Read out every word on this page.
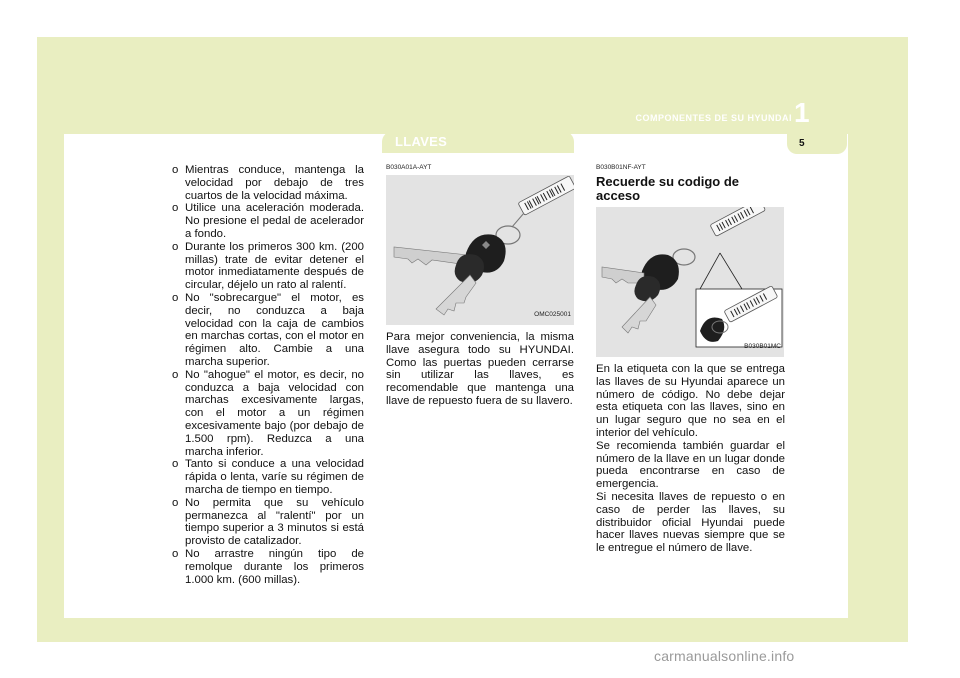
COMPONENTES DE SU HYUNDAI 1
5
LLAVES
o Mientras conduce, mantenga la velocidad por debajo de tres cuartos de la velocidad máxima.
o Utilice una aceleración moderada. No presione el pedal de acelerador a fondo.
o Durante los primeros 300 km. (200 millas) trate de evitar detener el motor inmediatamente después de circular, déjelo un rato al ralentí.
o No "sobrecargue" el motor, es decir, no conduzca a baja velocidad con la caja de cambios en marchas cortas, con el motor en régimen alto. Cambie a una marcha superior.
o No "ahogue" el motor, es decir, no conduzca a baja velocidad con marchas excesivamente largas, con el motor a un régimen excesivamente bajo (por debajo de 1.500 rpm). Reduzca a una marcha inferior.
o Tanto si conduce a una velocidad rápida o lenta, varíe su régimen de marcha de tiempo en tiempo.
o No permita que su vehículo permanezca al "ralentí" por un tiempo superior a 3 minutos si está provisto de catalizador.
o No arrastre ningún tipo de remolque durante los primeros 1.000 km. (600 millas).
B030A01A-AYT
OMC025001

Para mejor conveniencia, la misma llave asegura todo su HYUNDAI. Como las puertas pueden cerrarse sin utilizar las llaves, es recomendable que mantenga una llave de repuesto fuera de su llavero.

B030B01NF-AYT
Recuerde su codigo de acceso
B030B01MC

En la etiqueta con la que se entrega las llaves de su Hyundai aparece un número de código. No debe dejar esta etiqueta con las llaves, sino en un lugar seguro que no sea en el interior del vehículo.

Se recomienda también guardar el número de la llave en un lugar donde pueda encontrarse en caso de emergencia.

Si necesita llaves de repuesto o en caso de perder las llaves, su distribuidor oficial Hyundai puede hacer llaves nuevas siempre que se le entregue el número de llave.

carmanualsonline.info
